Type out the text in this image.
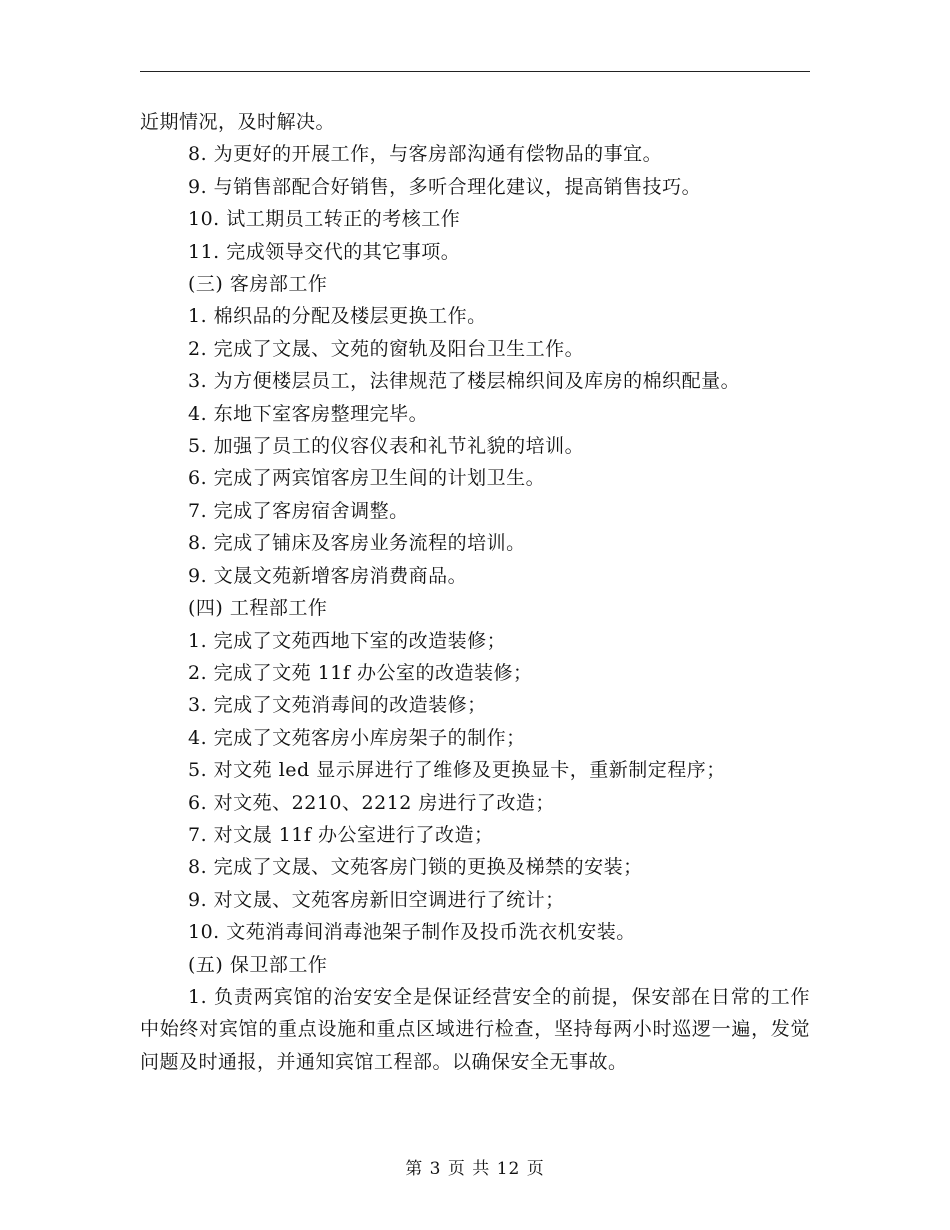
近期情况，及时解决。
8. 为更好的开展工作，与客房部沟通有偿物品的事宜。
9. 与销售部配合好销售，多听合理化建议，提高销售技巧。
10. 试工期员工转正的考核工作
11. 完成领导交代的其它事项。
(三) 客房部工作
1. 棉织品的分配及楼层更换工作。
2. 完成了文晟、文苑的窗轨及阳台卫生工作。
3. 为方便楼层员工，法律规范了楼层棉织间及库房的棉织配量。
4. 东地下室客房整理完毕。
5. 加强了员工的仪容仪表和礼节礼貌的培训。
6. 完成了两宾馆客房卫生间的计划卫生。
7. 完成了客房宿舍调整。
8. 完成了铺床及客房业务流程的培训。
9. 文晟文苑新增客房消费商品。
(四) 工程部工作
1. 完成了文苑西地下室的改造装修；
2. 完成了文苑 11f 办公室的改造装修；
3. 完成了文苑消毒间的改造装修；
4. 完成了文苑客房小库房架子的制作；
5. 对文苑 led 显示屏进行了维修及更换显卡，重新制定程序；
6. 对文苑、2210、2212 房进行了改造；
7. 对文晟 11f 办公室进行了改造；
8. 完成了文晟、文苑客房门锁的更换及梯禁的安装；
9. 对文晟、文苑客房新旧空调进行了统计；
10. 文苑消毒间消毒池架子制作及投币洗衣机安装。
(五) 保卫部工作
1. 负责两宾馆的治安安全是保证经营安全的前提，保安部在日常的工作中始终对宾馆的重点设施和重点区域进行检查，坚持每两小时巡逻一遍，发觉问题及时通报，并通知宾馆工程部。以确保安全无事故。
第 3 页 共 12 页
